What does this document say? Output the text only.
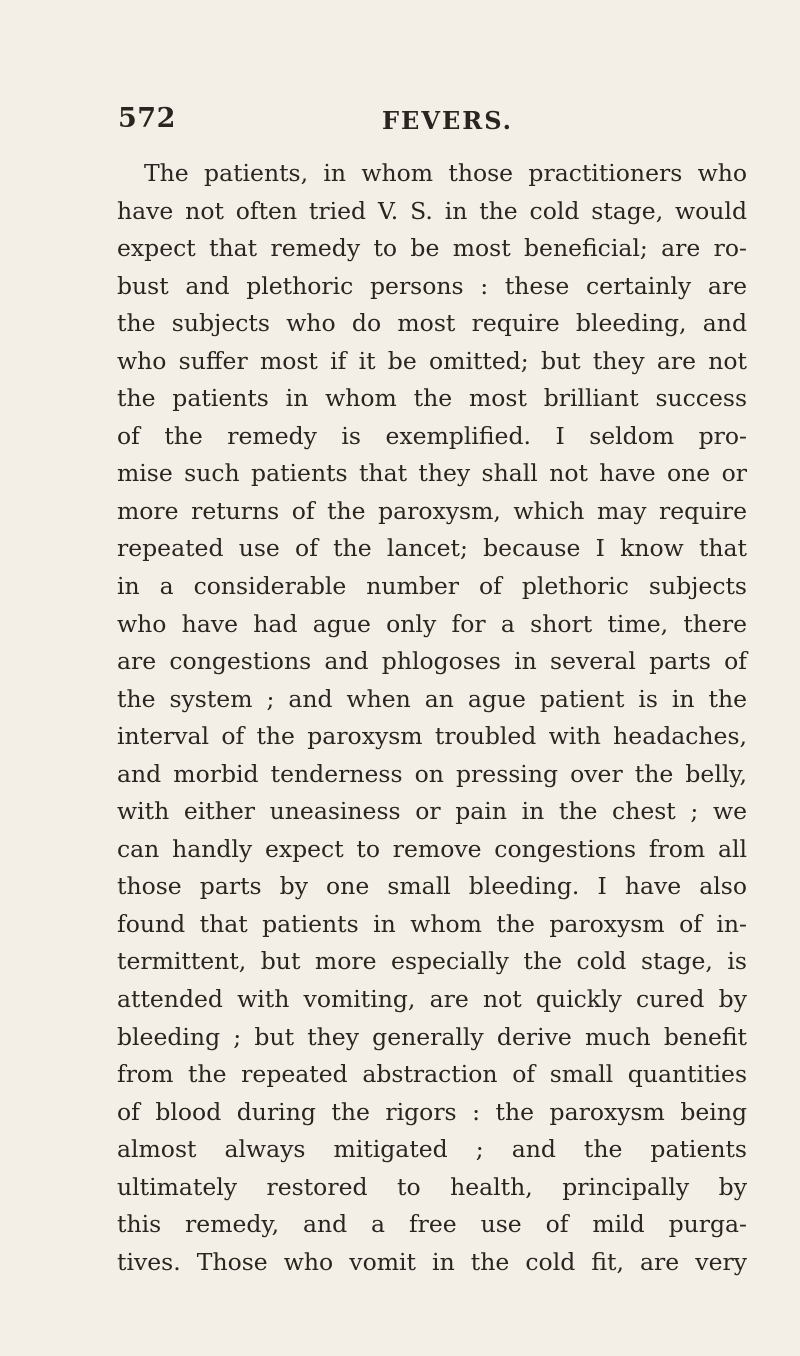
572	FEVERS.
The patients, in whom those practitioners who
have not often tried V. S. in the cold stage, would
expect that remedy to be most beneficial; are ro-
bust and plethoric persons : these certainly are
the subjects who do most require bleeding, and
who suffer most if it be omitted; but they are not
the patients in whom the most brilliant success
of the remedy is exemplified. I seldom pro-
mise such patients that they shall not have one or
more returns of the paroxysm, which may require
repeated use of the lancet; because I know that
in a considerable number of plethoric subjects
who have had ague only for a short time, there
are congestions and phlogoses in several parts of
the system ; and when an ague patient is in the
interval of the paroxysm troubled with headaches,
and morbid tenderness on pressing over the belly,
with either uneasiness or pain in the chest ; we
can handly expect to remove congestions from all
those parts by one small bleeding. I have also
found that patients in whom the paroxysm of in-
termittent, but more especially the cold stage, is
attended with vomiting, are not quickly cured by
bleeding ; but they generally derive much benefit
from the repeated abstraction of small quantities
of blood during the rigors : the paroxysm being
almost always mitigated ; and the patients
ultimately restored to health, principally by
this remedy, and a free use of mild purga-
tives. Those who vomit in the cold fit, are very
